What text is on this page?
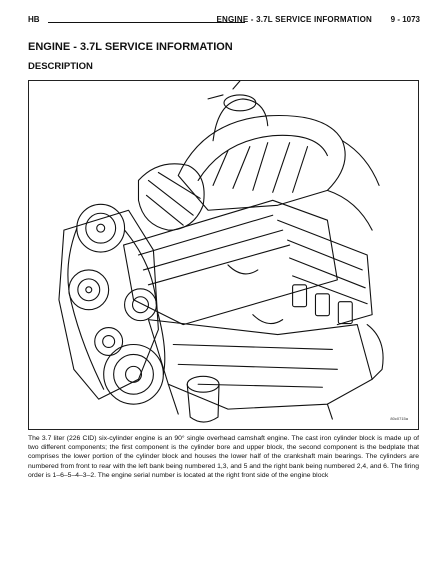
HB	ENGINE - 3.7L SERVICE INFORMATION 9 - 1073
ENGINE - 3.7L SERVICE INFORMATION
DESCRIPTION
80c0715a

The 3.7 liter (226 CID) six-cylinder engine is an 90° single overhead camshaft engine. The cast iron cylinder block is made up of two different components; the first component is the cylinder bore and upper block, the second component is the bedplate that comprises the lower portion of the cylinder block and houses the lower half of the crankshaft main bearings. The cylinders are numbered from front to rear with the left bank being numbered 1,3, and 5 and the right bank being numbered 2,4, and 6. The firing order is 1–6–5–4–3–2. The engine serial number is located at the right front side of the engine block
